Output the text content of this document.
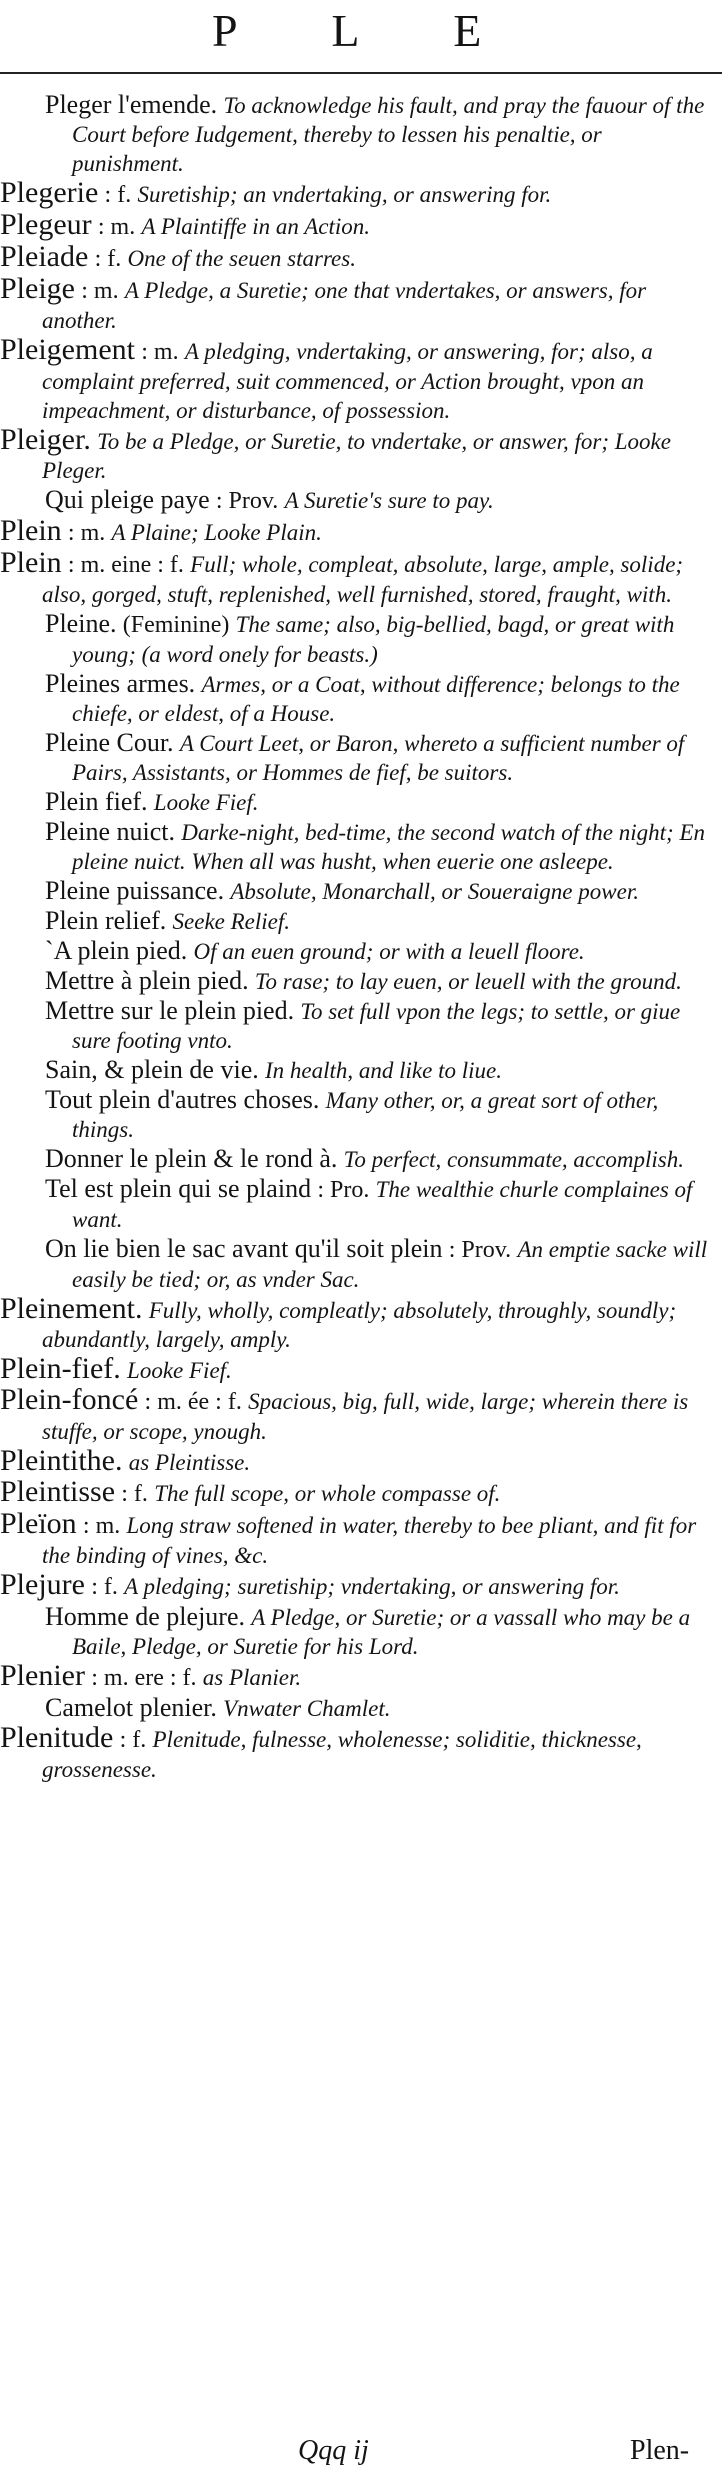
P L E
Pleger l'emende. To acknowledge his fault, and pray the fauour of the Court before Iudgement, thereby to lessen his penaltie, or punishment.
Plegerie : f. Suretiship; an vndertaking, or answering for.
Plegeur : m. A Plaintiffe in an Action.
Pleiade : f. One of the seuen starres.
Pleige : m. A Pledge, a Suretie; one that vndertakes, or answers, for another.
Pleigement : m. A pledging, vndertaking, or answering, for; also, a complaint preferred, suit commenced, or Action brought, vpon an impeachment, or disturbance, of possession.
Pleiger. To be a Pledge, or Suretie, to vndertake, or answer, for; Looke Pleger.
Qui pleige paye : Prov. A Suretie's sure to pay.
Plein : m. A Plaine; Looke Plain.
Plein : m. eine : f. Full; whole, compleat, absolute, large, ample, solide; also, gorged, stuft, replenished, well furnished, stored, fraught, with.
Pleine. (Feminine) The same; also, big-bellied, bagd, or great with young; (a word onely for beasts.)
Pleines armes. Armes, or a Coat, without difference; belongs to the chiefe, or eldest, of a House.
Pleine Cour. A Court Leet, or Baron, whereto a sufficient number of Pairs, Assistants, or Hommes de fief, be suitors.
Plein fief. Looke Fief.
Pleine nuict. Darke-night, bed-time, the second watch of the night; En pleine nuict. When all was husht, when euerie one asleepe.
Pleine puissance. Absolute, Monarchall, or Soueraigne power.
Plein relief. Seeke Relief.
`A plein pied. Of an euen ground; or with a leuell floore.
Mettre à plein pied. To rase; to lay euen, or leuell with the ground.
Mettre sur le plein pied. To set full vpon the legs; to settle, or giue sure footing vnto.
Sain, & plein de vie. In health, and like to liue.
Tout plein d'autres choses. Many other, or, a great sort of other, things.
Donner le plein & le rond à. To perfect, consummate, accomplish.
Tel est plein qui se plaind : Pro. The wealthie churle complaines of want.
On lie bien le sac avant qu'il soit plein : Prov. An emptie sacke will easily be tied; or, as vnder Sac.
Pleinement. Fully, wholly, compleatly; absolutely, throughly, soundly; abundantly, largely, amply.
Plein-fief. Looke Fief.
Plein-foncé : m. ée : f. Spacious, big, full, wide, large; wherein there is stuffe, or scope, ynough.
Pleintithe. as Pleintisse.
Pleintisse : f. The full scope, or whole compasse of.
Pleïon : m. Long straw softened in water, thereby to bee pliant, and fit for the binding of vines, &c.
Plejure : f. A pledging; suretiship; vndertaking, or answering for.
Homme de plejure. A Pledge, or Suretie; or a vassall who may be a Baile, Pledge, or Suretie for his Lord.
Plenier : m. ere : f. as Planier.
Camelot plenier. Vnwater Chamlet.
Plenitude : f. Plenitude, fulnesse, wholenesse; soliditie, thicknesse, grossenesse.
Qqq ij	Plen-
